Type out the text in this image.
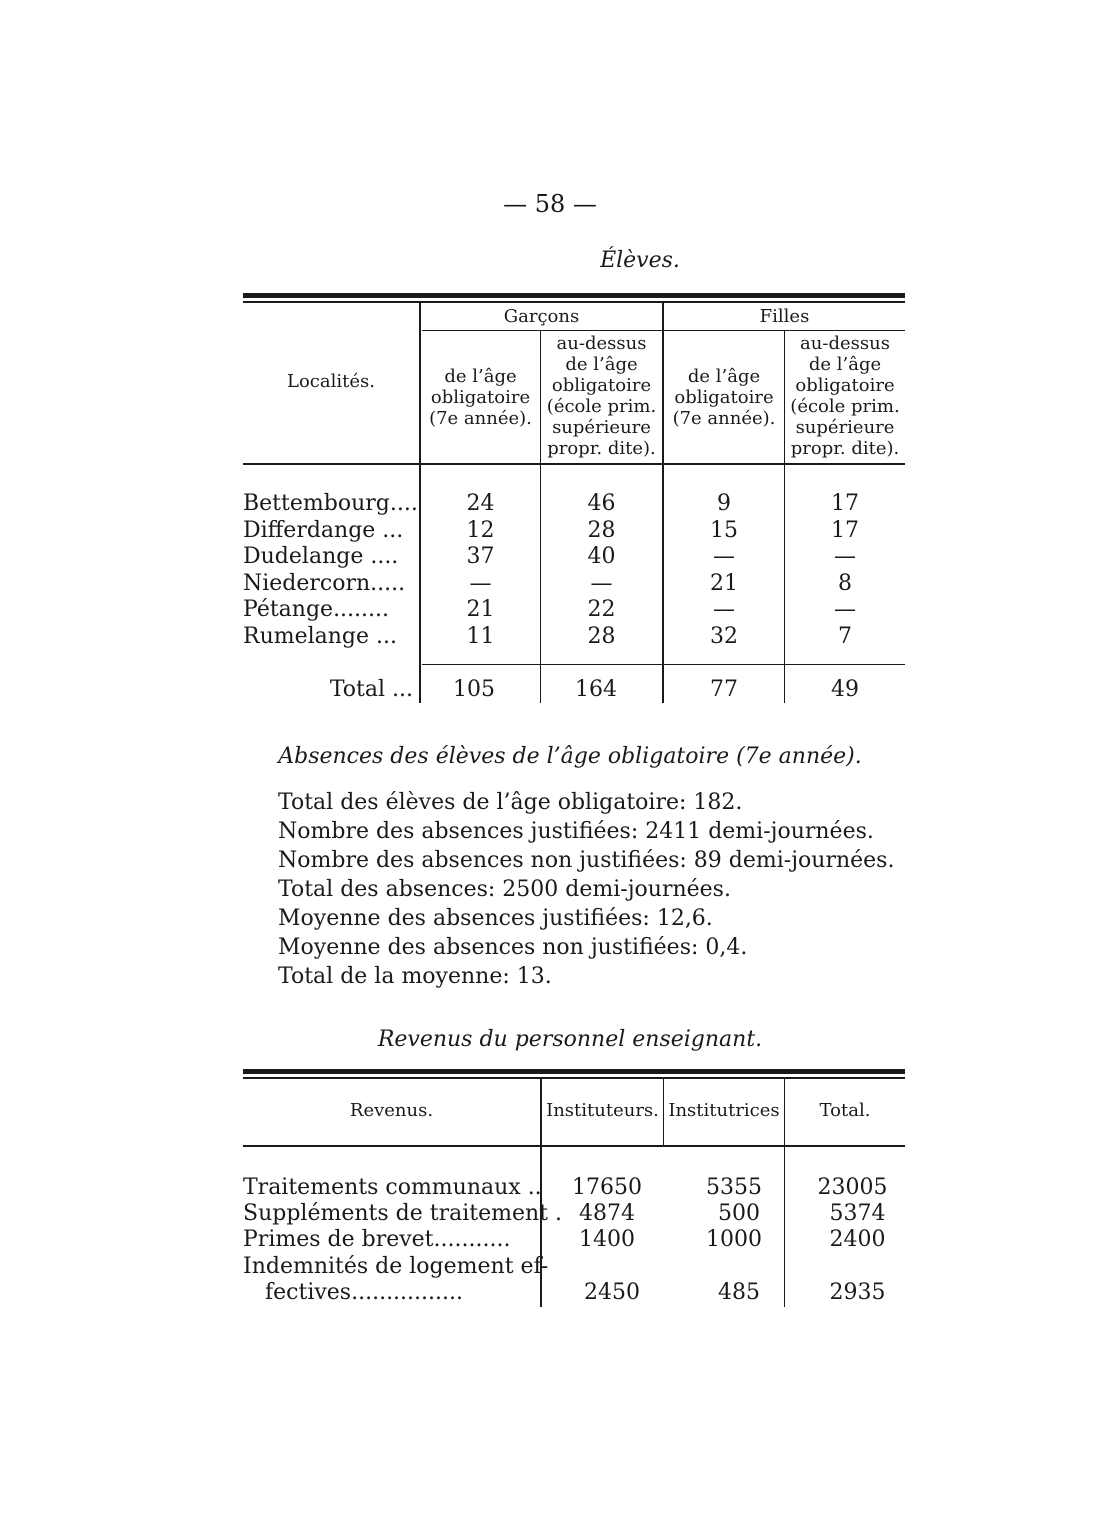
— 58 —
Élèves.
Localités.
Garçons	Filles
de l’âge
obligatoire
(7e année).
au-dessus
de l’âge
obligatoire
(école prim.
supérieure
propr. dite).
de l’âge
obligatoire
(7e année).
au-dessus
de l’âge
obligatoire
(école prim.
supérieure
propr. dite).
Bettembourg....	24	46	9	17
Differdange ...	12	28	15	17
Dudelange ....	37	40	—	—
Niedercorn.....	—	—	21	8
Pétange........	21	22	—	—
Rumelange ...	11	28	32	7
Total ...	105	164	77	49
Absences des élèves de l’âge obligatoire (7e année).
Total des élèves de l’âge obligatoire: 182.
Nombre des absences justifiées: 2411 demi-journées.
Nombre des absences non justifiées: 89 demi-journées.
Total des absences: 2500 demi-journées.
Moyenne des absences justifiées: 12,6.
Moyenne des absences non justifiées: 0,4.
Total de la moyenne: 13.
Revenus du personnel enseignant.
Revenus.	Instituteurs. Institutrices	Total.
Traitements communaux ..	17650	5355	23005
Suppléments de traitement . 4874	500	5374
Primes de brevet...........	1400	1000	2400
Indemnités de logement ef-
fectives................	2450	485	2935
